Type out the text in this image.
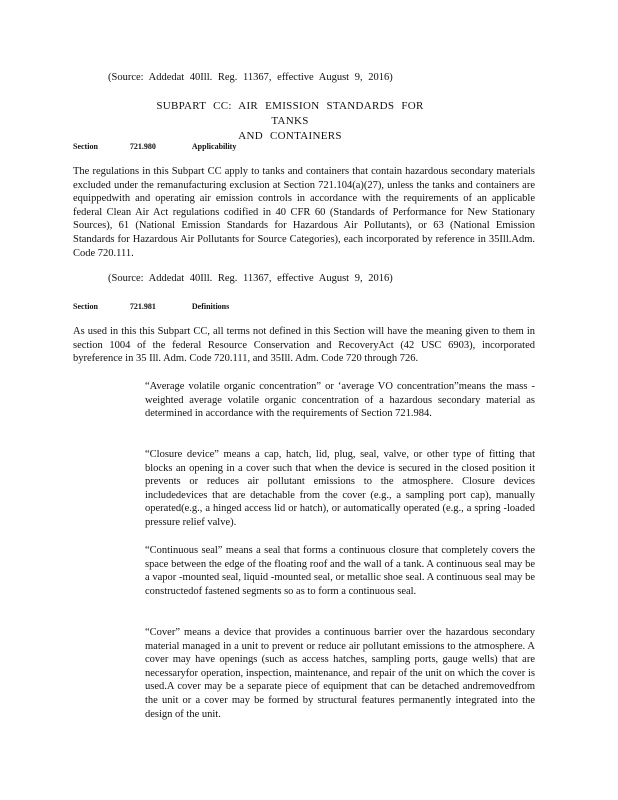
(Source: Addedat 40Ill. Reg. 11367, effective August 9, 2016)
SUBPART CC: AIR EMISSION STANDARDS FOR TANKS
AND CONTAINERS
Section	721.980	Applicability

The regulations in this Subpart CC apply to tanks and containers that contain hazardous secondary materials excluded under the remanufacturing exclusion at Section 721.104(a)(27), unless the tanks and containers are equippedwith and operating air emission controls in accordance with the requirements of an applicable federal Clean Air Act regulations codified in 40 CFR 60 (Standards of Performance for New Stationary Sources), 61 (National Emission Standards for Hazardous Air Pollutants), or 63 (National Emission Standards for Hazardous Air Pollutants for Source Categories), each incorporated by reference in 35Ill.Adm. Code 720.111.

(Source: Addedat 40Ill. Reg. 11367, effective August 9, 2016)
Section	721.981	Definitions

As used in this this Subpart CC, all terms not defined in this Section will have the meaning given to them in section 1004 of the federal Resource Conservation and RecoveryAct (42 USC 6903), incorporated byreference in 35 Ill. Adm. Code 720.111, and 35Ill. Adm. Code 720 through 726.

“Average volatile organic concentration” or ‘average VO concentration”means the mass -weighted average volatile organic concentration of a hazardous secondary material as determined in accordance with the requirements of Section 721.984.

“Closure device” means a cap, hatch, lid, plug, seal, valve, or other type of fitting that blocks an opening in a cover such that when the device is secured in the closed position it prevents or reduces air pollutant emissions to the atmosphere. Closure devices includedevices that are detachable from the cover (e.g., a sampling port cap), manually operated(e.g., a hinged access lid or hatch), or automatically operated (e.g., a spring -loaded pressure relief valve).

“Continuous seal” means a seal that forms a continuous closure that completely covers the space between the edge of the floating roof and the wall of a tank. A continuous seal may be a vapor -mounted seal, liquid -mounted seal, or metallic shoe seal. A continuous seal may be constructedof fastened segments so as to form a continuous seal.

“Cover” means a device that provides a continuous barrier over the hazardous secondary material managed in a unit to prevent or reduce air pollutant emissions to the atmosphere. A cover may have openings (such as access hatches, sampling ports, gauge wells) that are necessaryfor operation, inspection, maintenance, and repair of the unit on which the cover is used.A cover may be a separate piece of equipment that can be detached andremovedfrom the unit or a cover may be formed by structural features permanently integrated into the design of the unit.
